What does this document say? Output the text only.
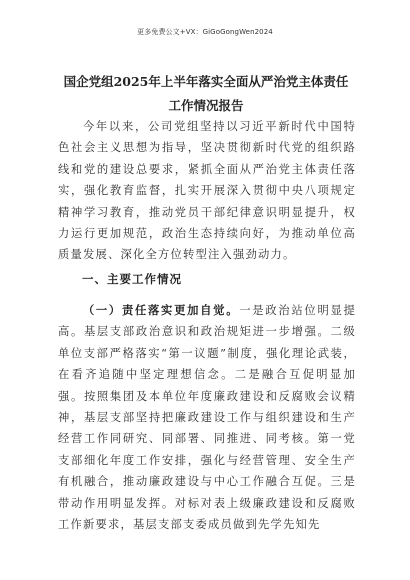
更多免费公文+VX：GiGoGongWen2024
国企党组2025年上半年落实全面从严治党主体责任工作情况报告
今年以来，公司党组坚持以习近平新时代中国特色社会主义思想为指导，坚决贯彻新时代党的组织路线和党的建设总要求，紧抓全面从严治党主体责任落实，强化教育监督，扎实开展深入贯彻中央八项规定精神学习教育，推动党员干部纪律意识明显提升，权力运行更加规范，政治生态持续向好，为推动单位高质量发展、深化全方位转型注入强劲动力。
一、主要工作情况
（一）责任落实更加自觉。一是政治站位明显提高。基层支部政治意识和政治规矩进一步增强。二级单位支部严格落实“第一议题”制度，强化理论武装，在看齐追随中坚定理想信念。二是融合互促明显加强。按照集团及本单位年度廉政建设和反腐败会议精神，基层支部坚持把廉政建设工作与组织建设和生产经营工作同研究、同部署、同推进、同考核。第一党支部细化年度工作安排，强化与经营管理、安全生产有机融合，推动廉政建设与中心工作融合互促。三是带动作用明显发挥。对标对表上级廉政建设和反腐败工作新要求，基层支部支委成员做到先学先知先
